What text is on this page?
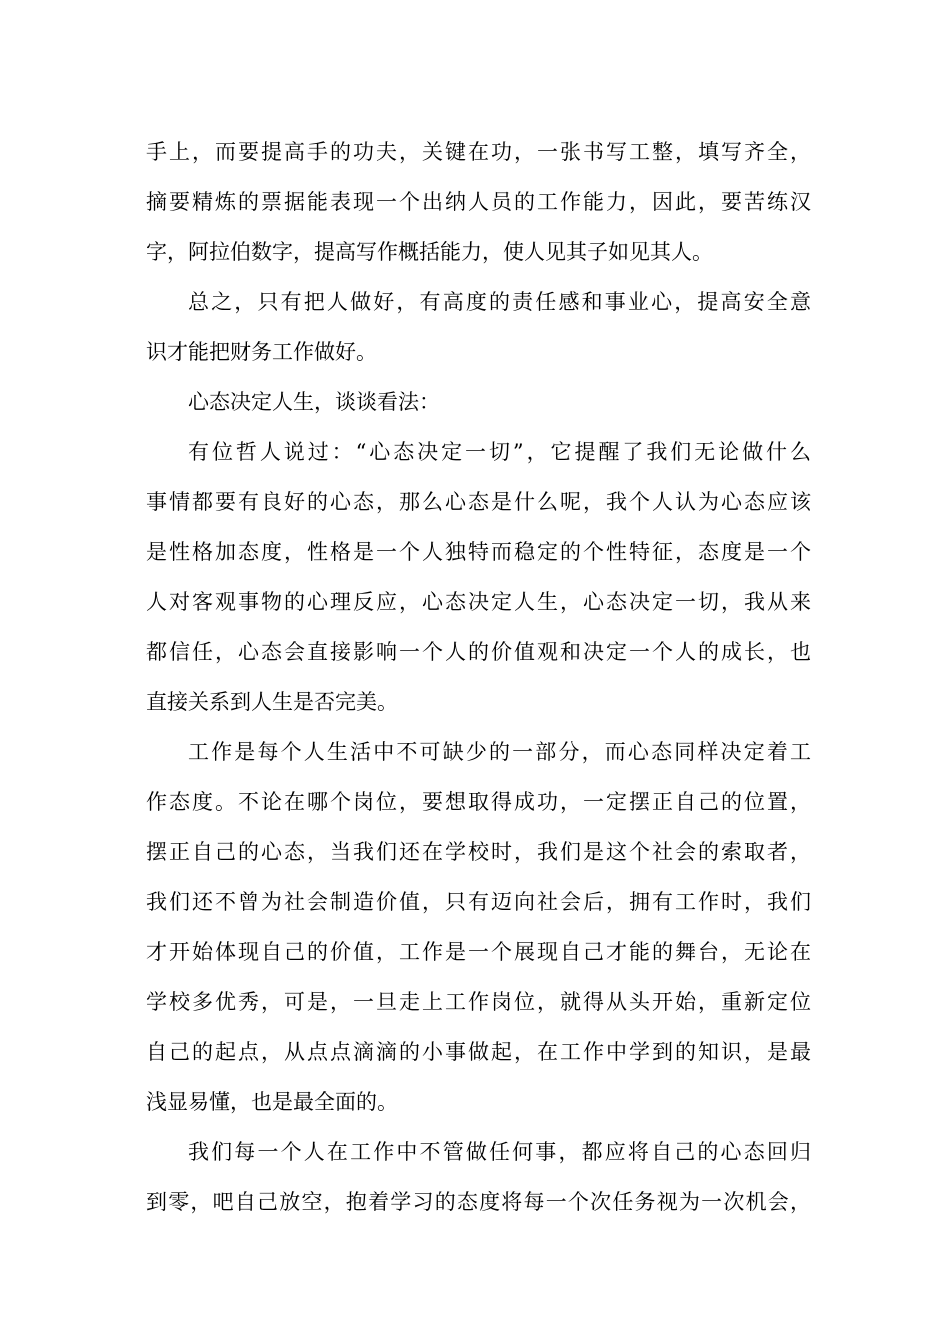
手上，而要提高手的功夫，关键在功，一张书写工整，填写齐全，
摘要精炼的票据能表现一个出纳人员的工作能力，因此，要苦练汉
字，阿拉伯数字，提高写作概括能力，使人见其子如见其人。
总之，只有把人做好，有高度的责任感和事业心，提高安全意
识才能把财务工作做好。
心态决定人生，谈谈看法：
有位哲人说过：“心态决定一切”，它提醒了我们无论做什么
事情都要有良好的心态，那么心态是什么呢，我个人认为心态应该
是性格加态度，性格是一个人独特而稳定的个性特征，态度是一个
人对客观事物的心理反应，心态决定人生，心态决定一切，我从来
都信任，心态会直接影响一个人的价值观和决定一个人的成长，也
直接关系到人生是否完美。
工作是每个人生活中不可缺少的一部分，而心态同样决定着工
作态度。不论在哪个岗位，要想取得成功，一定摆正自己的位置，
摆正自己的心态，当我们还在学校时，我们是这个社会的索取者，
我们还不曾为社会制造价值，只有迈向社会后，拥有工作时，我们
才开始体现自己的价值，工作是一个展现自己才能的舞台，无论在
学校多优秀，可是，一旦走上工作岗位，就得从头开始，重新定位
自己的起点，从点点滴滴的小事做起，在工作中学到的知识，是最
浅显易懂，也是最全面的。
我们每一个人在工作中不管做任何事，都应将自己的心态回归
到零，吧自己放空，抱着学习的态度将每一个次任务视为一次机会，
